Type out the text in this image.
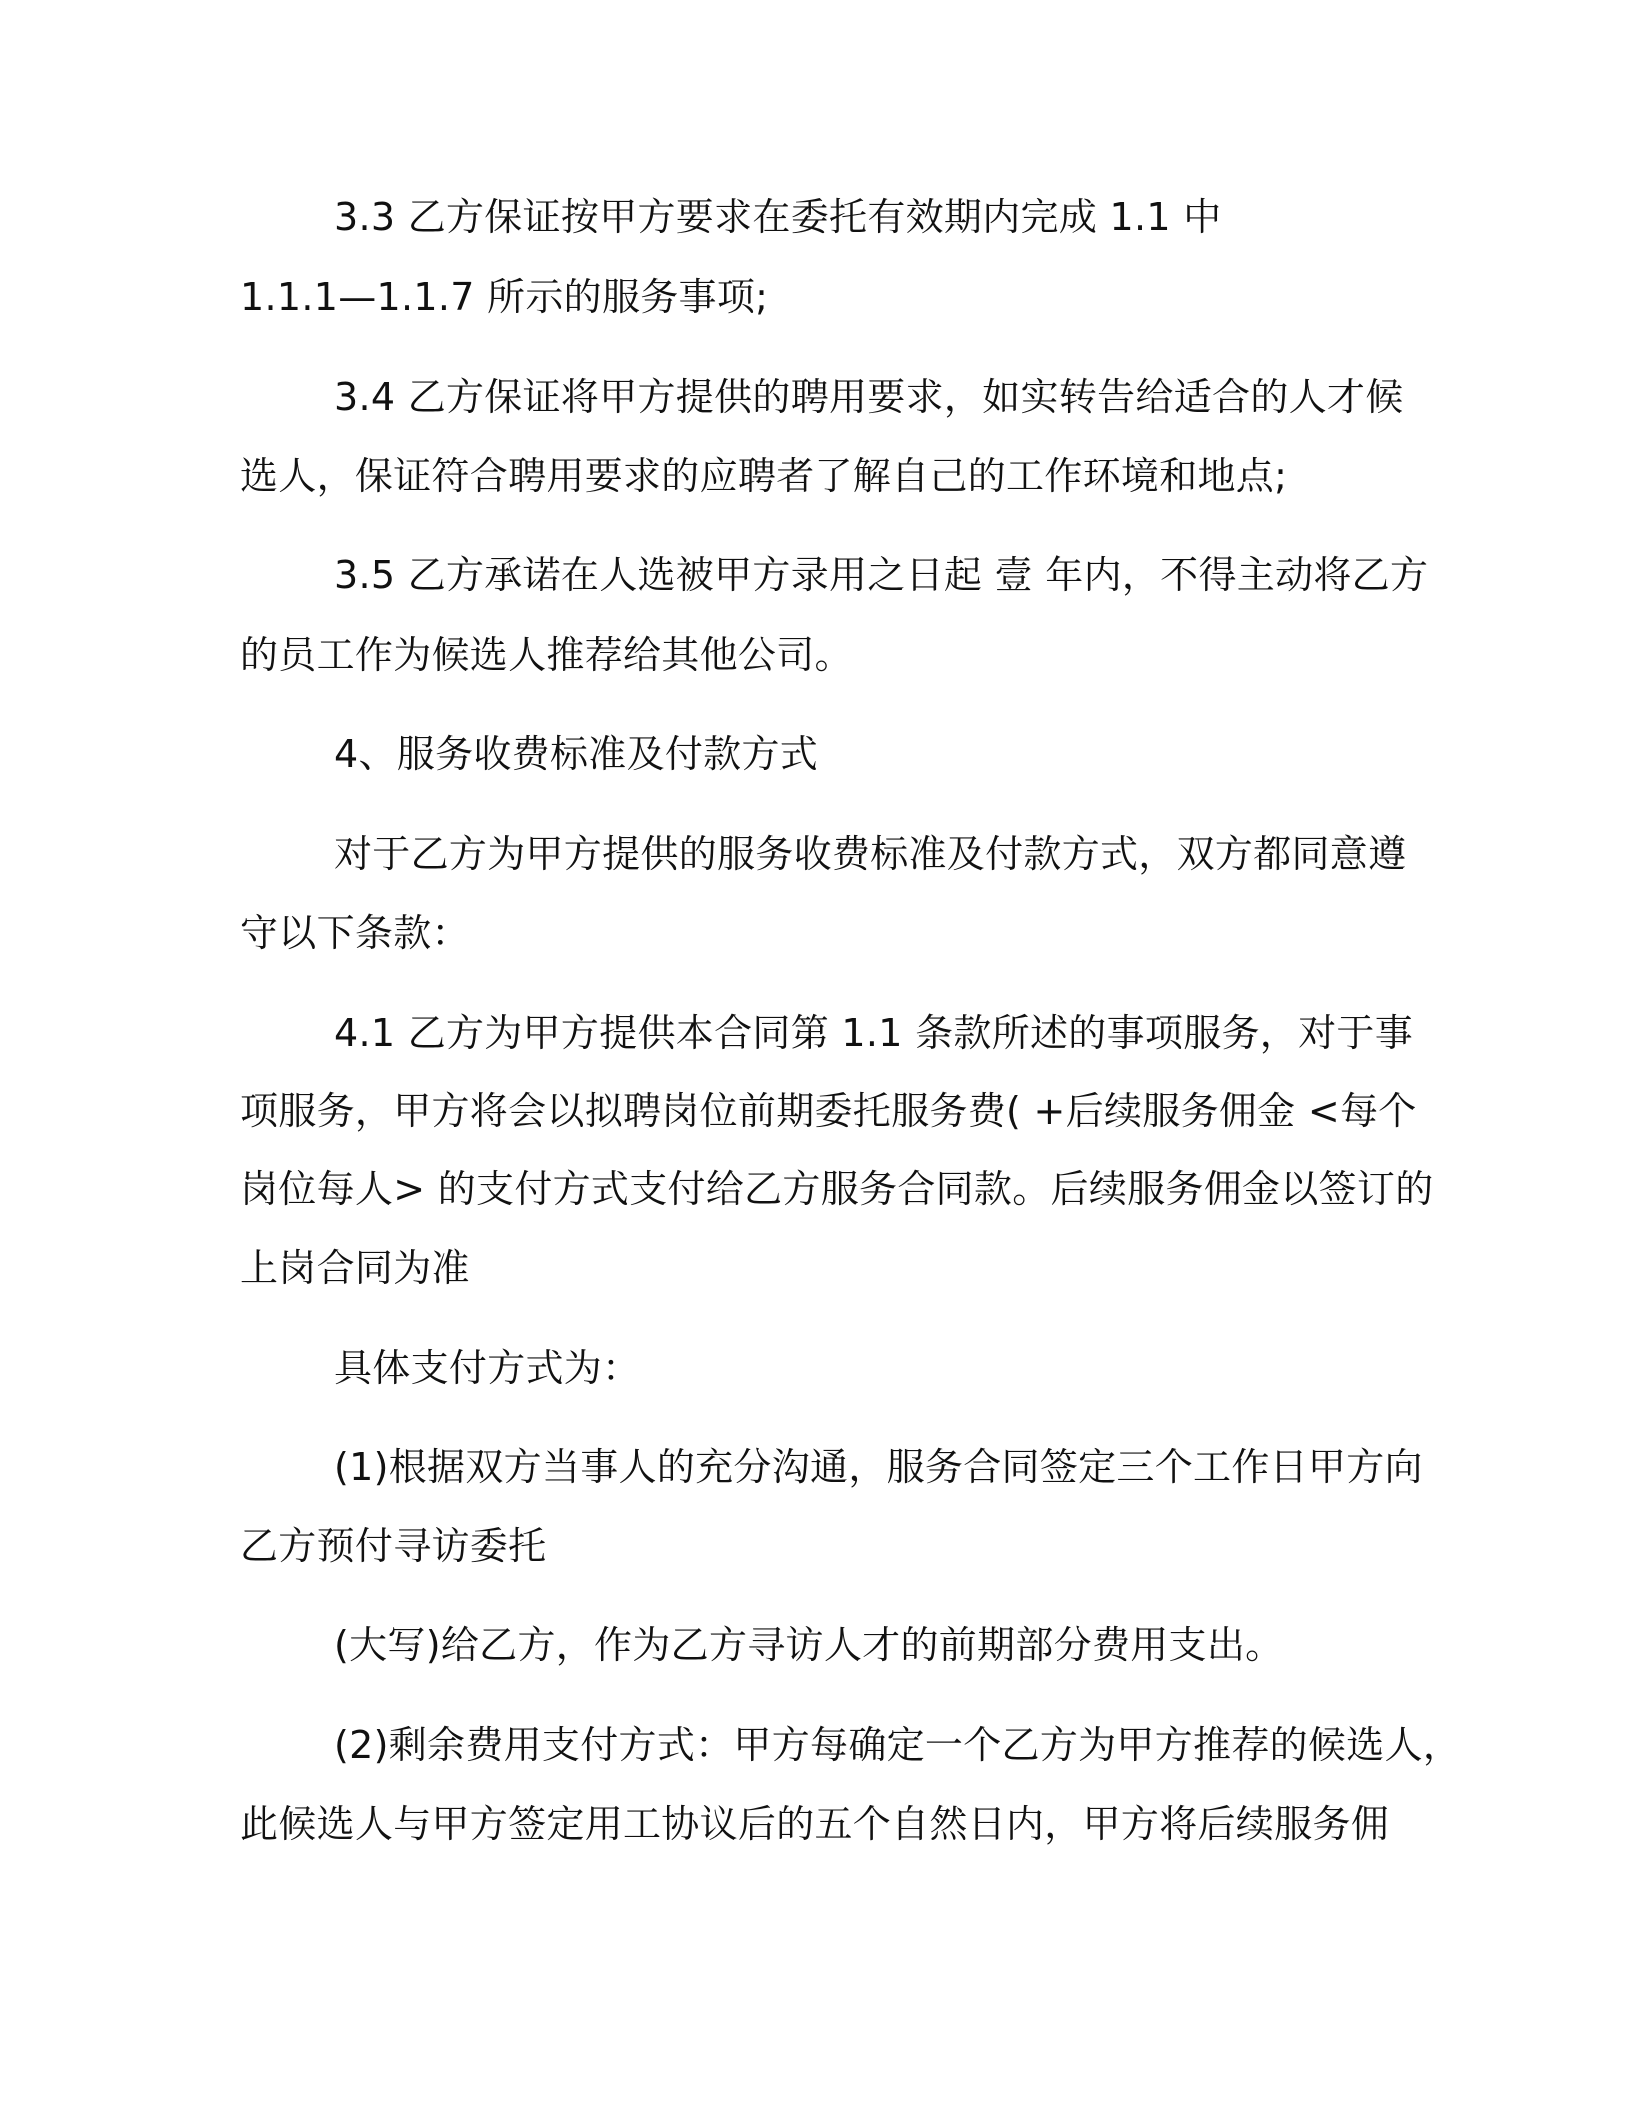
3.3 乙方保证按甲方要求在委托有效期内完成 1.1 中
1.1.1—1.1.7 所示的服务事项;
3.4 乙方保证将甲方提供的聘用要求，如实转告给适合的人才候
选人，保证符合聘用要求的应聘者了解自己的工作环境和地点;
3.5 乙方承诺在人选被甲方录用之日起 壹 年内，不得主动将乙方
的员工作为候选人推荐给其他公司。
4、服务收费标准及付款方式
对于乙方为甲方提供的服务收费标准及付款方式，双方都同意遵
守以下条款：
4.1 乙方为甲方提供本合同第 1.1 条款所述的事项服务，对于事
项服务，甲方将会以拟聘岗位前期委托服务费( +后续服务佣金 <每个
岗位每人> 的支付方式支付给乙方服务合同款。后续服务佣金以签订的
上岗合同为准
具体支付方式为：
(1)根据双方当事人的充分沟通，服务合同签定三个工作日甲方向
乙方预付寻访委托
(大写)给乙方，作为乙方寻访人才的前期部分费用支出。
(2)剩余费用支付方式：甲方每确定一个乙方为甲方推荐的候选人，
此候选人与甲方签定用工协议后的五个自然日内，甲方将后续服务佣
